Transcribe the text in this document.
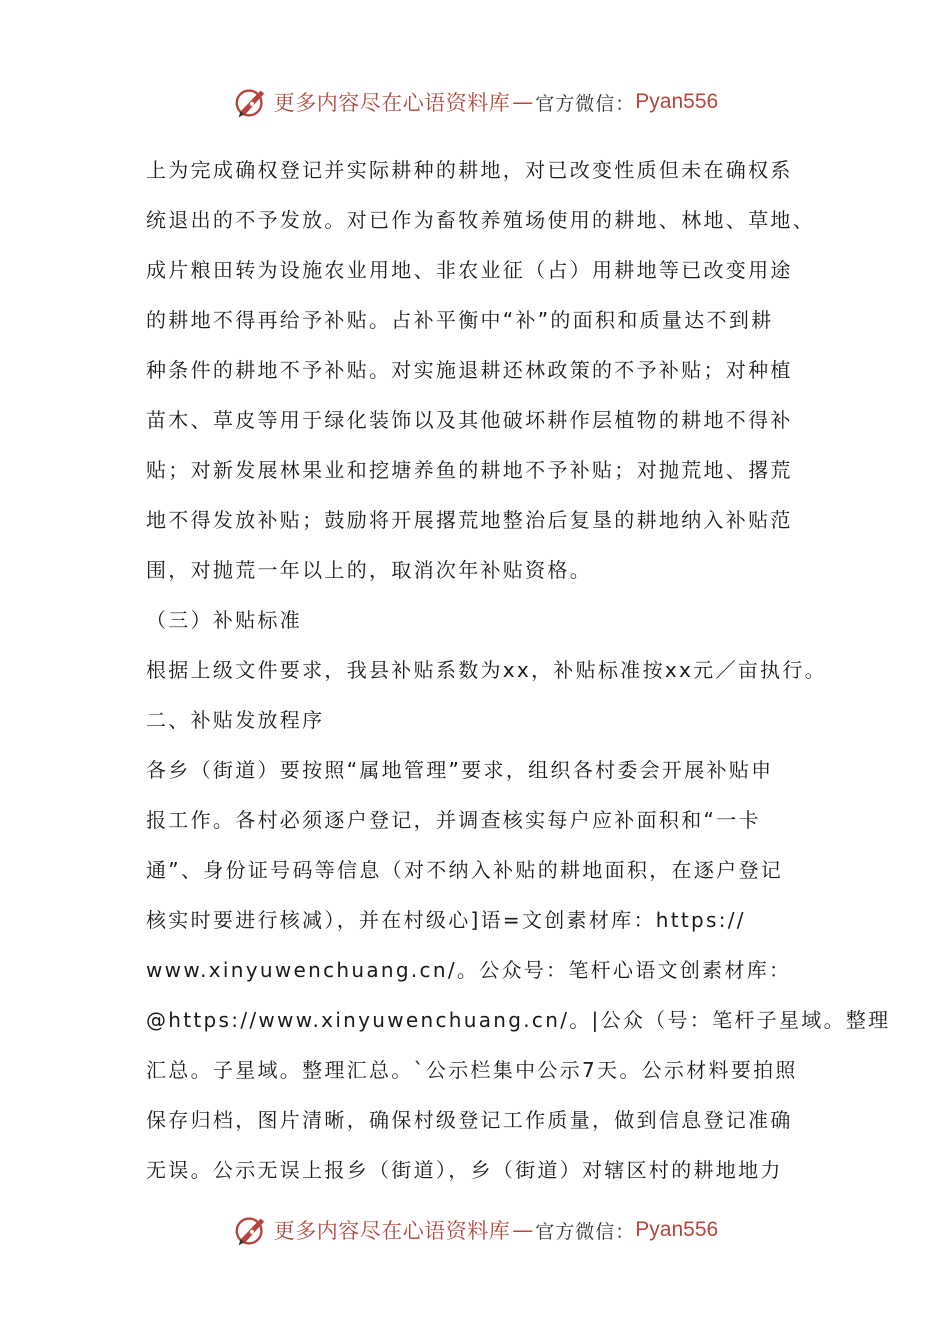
更多内容尽在心语资料库 — 官方微信： Pyan556
上为完成确权登记并实际耕种的耕地，对已改变性质但未在确权系
统退出的不予发放。对已作为畜牧养殖场使用的耕地、林地、草地、
成片粮田转为设施农业用地、非农业征（占）用耕地等已改变用途
的耕地不得再给予补贴。占补平衡中“补”的面积和质量达不到耕
种条件的耕地不予补贴。对实施退耕还林政策的不予补贴；对种植
苗木、草皮等用于绿化装饰以及其他破坏耕作层植物的耕地不得补
贴；对新发展林果业和挖塘养鱼的耕地不予补贴；对抛荒地、撂荒
地不得发放补贴；鼓励将开展撂荒地整治后复垦的耕地纳入补贴范
围，对抛荒一年以上的，取消次年补贴资格。
（三）补贴标准
根据上级文件要求，我县补贴系数为xx，补贴标准按xx元／亩执行。
二、补贴发放程序
各乡（街道）要按照“属地管理”要求，组织各村委会开展补贴申
报工作。各村必须逐户登记，并调查核实每户应补面积和“一卡
通”、身份证号码等信息（对不纳入补贴的耕地面积，在逐户登记
核实时要进行核减），并在村级心]语=文创素材库：https://
www.xinyuwenchuang.cn/。公众号：笔杆心语文创素材库：
@https://www.xinyuwenchuang.cn/。|公众（号：笔杆子星域。整理
汇总。子星域。整理汇总。`公示栏集中公示7天。公示材料要拍照
保存归档，图片清晰，确保村级登记工作质量，做到信息登记准确
无误。公示无误上报乡（街道），乡（街道）对辖区村的耕地地力
更多内容尽在心语资料库 — 官方微信： Pyan556
